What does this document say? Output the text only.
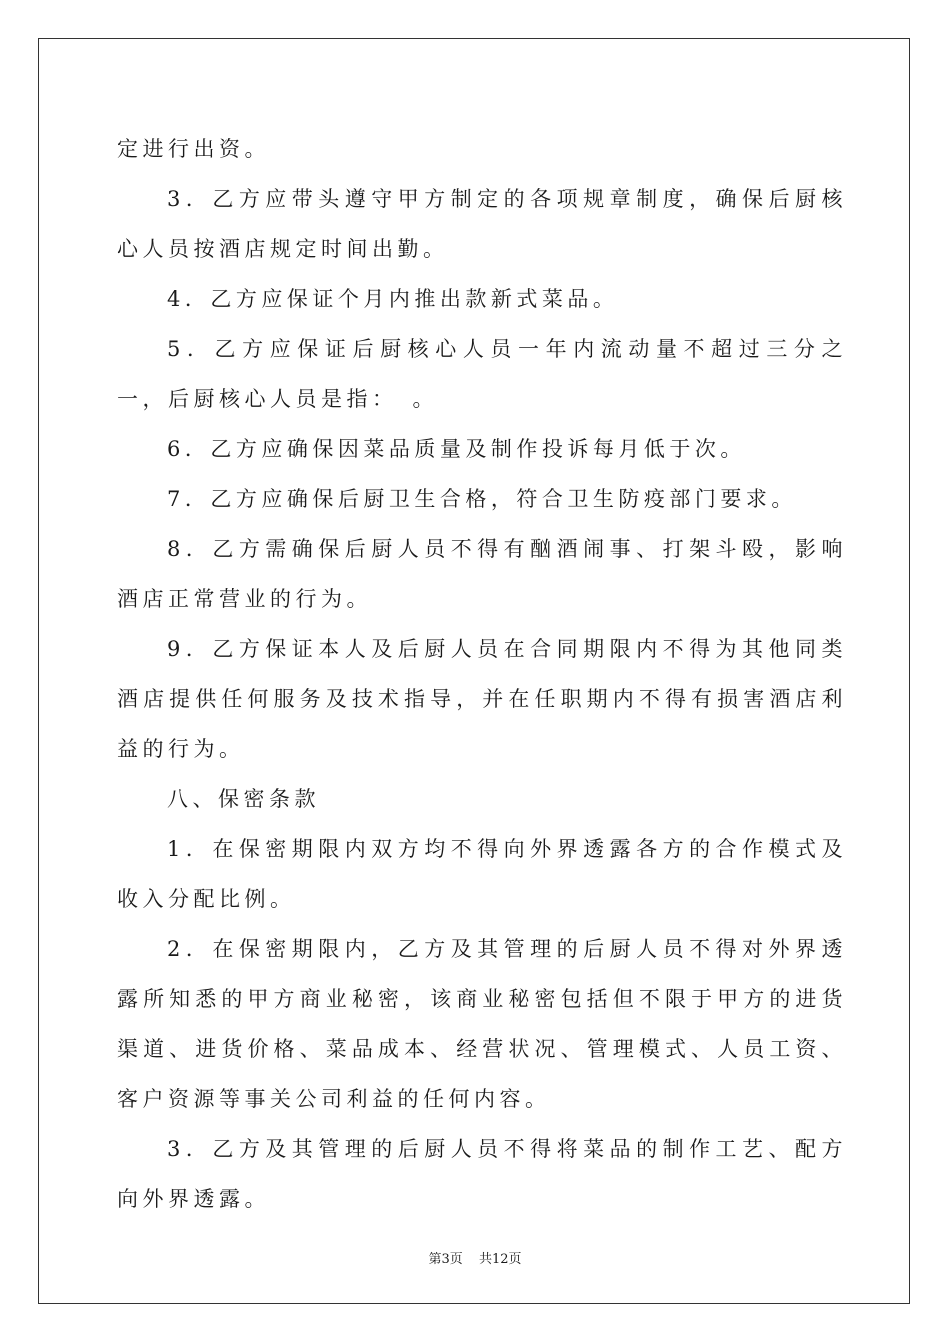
定进行出资。

3．乙方应带头遵守甲方制定的各项规章制度，确保后厨核心人员按酒店规定时间出勤。

4．乙方应保证个月内推出款新式菜品。

5．乙方应保证后厨核心人员一年内流动量不超过三分之一，后厨核心人员是指：　。

6．乙方应确保因菜品质量及制作投诉每月低于次。

7．乙方应确保后厨卫生合格，符合卫生防疫部门要求。

8．乙方需确保后厨人员不得有酗酒闹事、打架斗殴，影响酒店正常营业的行为。

9．乙方保证本人及后厨人员在合同期限内不得为其他同类酒店提供任何服务及技术指导，并在任职期内不得有损害酒店利益的行为。

八、保密条款

1．在保密期限内双方均不得向外界透露各方的合作模式及收入分配比例。

2．在保密期限内，乙方及其管理的后厨人员不得对外界透露所知悉的甲方商业秘密，该商业秘密包括但不限于甲方的进货渠道、进货价格、菜品成本、经营状况、管理模式、人员工资、客户资源等事关公司利益的任何内容。

3．乙方及其管理的后厨人员不得将菜品的制作工艺、配方向外界透露。

第3页 共12页
